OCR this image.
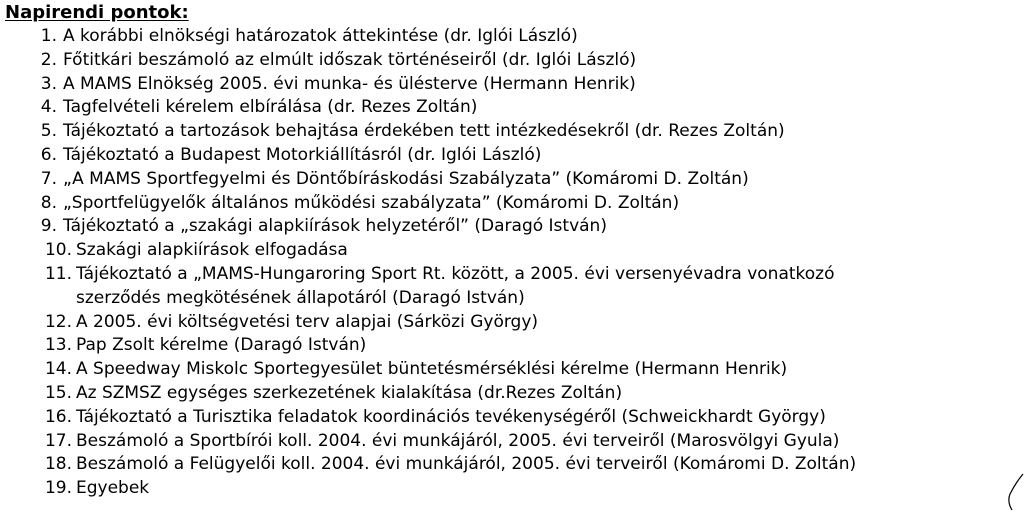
Napirendi pontok:
1. A korábbi elnökségi határozatok áttekintése (dr. Iglói László)
2. Főtitkári beszámoló az elmúlt időszak történéseiről (dr. Iglói László)
3. A MAMS Elnökség 2005. évi munka- és ülésterve (Hermann Henrik)
4. Tagfelvételi kérelem elbírálása (dr. Rezes Zoltán)
5. Tájékoztató a tartozások behajtása érdekében tett intézkedésekről (dr. Rezes Zoltán)
6. Tájékoztató a Budapest Motorkiállításról (dr. Iglói László)
7. „A MAMS Sportfegyelmi és Döntőbíráskodási Szabályzata” (Komáromi D. Zoltán)
8. „Sportfelügyelők általános működési szabályzata” (Komáromi D. Zoltán)
9. Tájékoztató a „szakági alapkiírások helyzetéről” (Daragó István)
10. Szakági alapkiírások elfogadása
11. Tájékoztató a „MAMS-Hungaroring Sport Rt. között, a 2005. évi versenyévadra vonatkozó
szerződés megkötésének állapotáról (Daragó István)
12. A 2005. évi költségvetési terv alapjai (Sárközi György)
13. Pap Zsolt kérelme (Daragó István)
14. A Speedway Miskolc Sportegyesület büntetésmérséklési kérelme (Hermann Henrik)
15. Az SZMSZ egységes szerkezetének kialakítása (dr.Rezes Zoltán)
16. Tájékoztató a Turisztika feladatok koordinációs tevékenységéről (Schweickhardt György)
17. Beszámoló a Sportbírói koll. 2004. évi munkájáról, 2005. évi terveiről (Marosvölgyi Gyula)
18. Beszámoló a Felügyelői koll. 2004. évi munkájáról, 2005. évi terveiről (Komáromi D. Zoltán)
19. Egyebek
